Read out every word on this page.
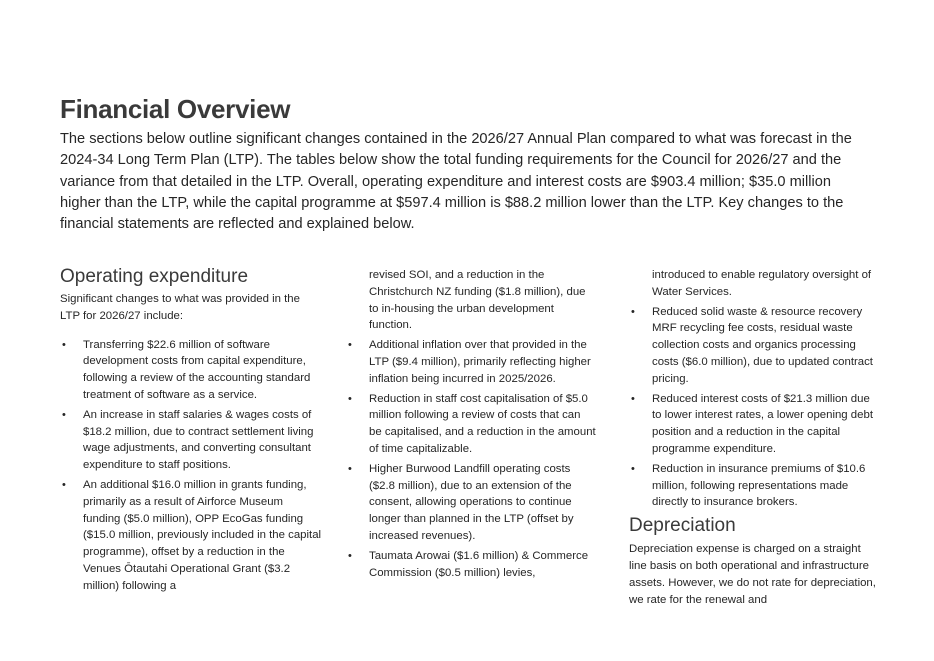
Financial Overview

The sections below outline significant changes contained in the 2026/27 Annual Plan compared to what was forecast in the 2024-34 Long Term Plan (LTP). The tables below show the total funding requirements for the Council for 2026/27 and the variance from that detailed in the LTP. Overall, operating expenditure and interest costs are $903.4 million; $35.0 million higher than the LTP, while the capital programme at $597.4 million is $88.2 million lower than the LTP. Key changes to the financial statements are reflected and explained below.

Operating expenditure

Significant changes to what was provided in the LTP for 2026/27 include:

• Transferring $22.6 million of software development costs from capital expenditure, following a review of the accounting standard treatment of software as a service.
• An increase in staff salaries & wages costs of $18.2 million, due to contract settlement living wage adjustments, and converting consultant expenditure to staff positions.
• An additional $16.0 million in grants funding, primarily as a result of Airforce Museum funding ($5.0 million), OPP EcoGas funding ($15.0 million, previously included in the capital programme), offset by a reduction in the Venues Ōtautahi Operational Grant ($3.2 million) following a
revised SOI, and a reduction in the Christchurch NZ funding ($1.8 million), due to in-housing the urban development function.
• Additional inflation over that provided in the LTP ($9.4 million), primarily reflecting higher inflation being incurred in 2025/2026.
• Reduction in staff cost capitalisation of $5.0 million following a review of costs that can be capitalised, and a reduction in the amount of time capitalizable.
• Higher Burwood Landfill operating costs ($2.8 million), due to an extension of the consent, allowing operations to continue longer than planned in the LTP (offset by increased revenues).
• Taumata Arowai ($1.6 million) & Commerce Commission ($0.5 million) levies,
introduced to enable regulatory oversight of Water Services.
• Reduced solid waste & resource recovery MRF recycling fee costs, residual waste collection costs and organics processing costs ($6.0 million), due to updated contract pricing.
• Reduced interest costs of $21.3 million due to lower interest rates, a lower opening debt position and a reduction in the capital programme expenditure.
• Reduction in insurance premiums of $10.6 million, following representations made directly to insurance brokers.
Depreciation

Depreciation expense is charged on a straight line basis on both operational and infrastructure assets. However, we do not rate for depreciation, we rate for the renewal and
